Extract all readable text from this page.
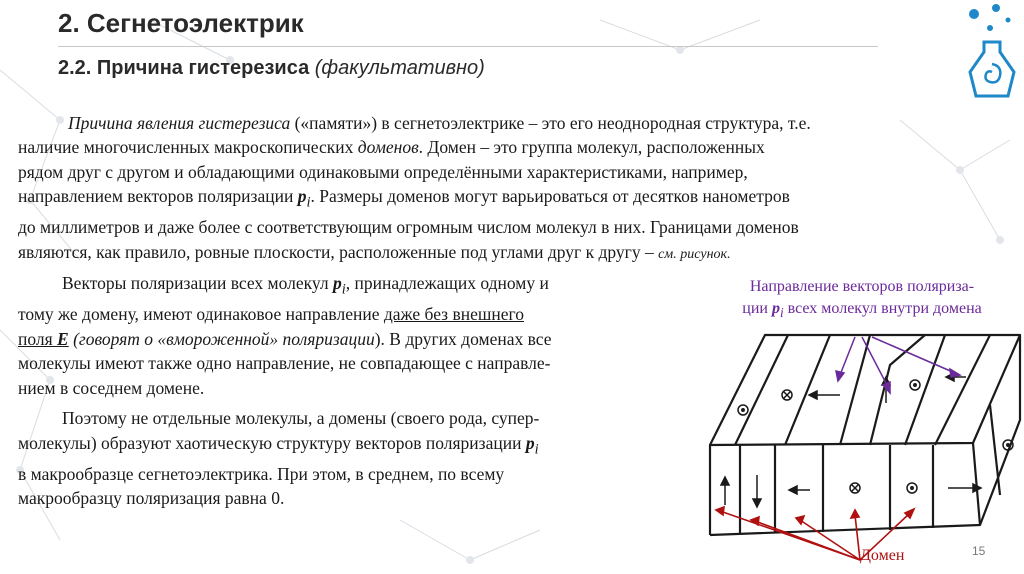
2. Сегнетоэлектрик
2.2. Причина гистерезиса (факультативно)
Причина явления гистерезиса («памяти») в сегнетоэлектрике – это его неоднородная структура, т.е.
наличие многочисленных макроскопических доменов. Домен – это группа молекул, расположенных
рядом друг с другом и обладающими одинаковыми определёнными характеристиками, например,
направлением векторов поляризации $p_i$. Размеры доменов могут варьироваться от десятков нанометров
до миллиметров и даже более с соответствующим огромным числом молекул в них. Границами доменов
являются, как правило, ровные плоскости, расположенные под углами друг к другу – см. рисунок.
Векторы поляризации всех молекул $p_i$, принадлежащих одному и
тому же домену, имеют одинаковое направление даже без внешнего
поля E (говорят о «вмороженной» поляризации). В других доменах все
молекулы имеют также одно направление, не совпадающее с направле-
нием в соседнем домене.
Поэтому не отдельные молекулы, а домены (своего рода, супер-
молекулы) образуют хаотическую структуру векторов поляризации $p_i$
в макрообразце сегнетоэлектрика. При этом, в среднем, по всему
макрообразцу поляризация равна 0.
Направление векторов поляриза-
ции $p_i$ всех молекул внутри домена
Домен	15
